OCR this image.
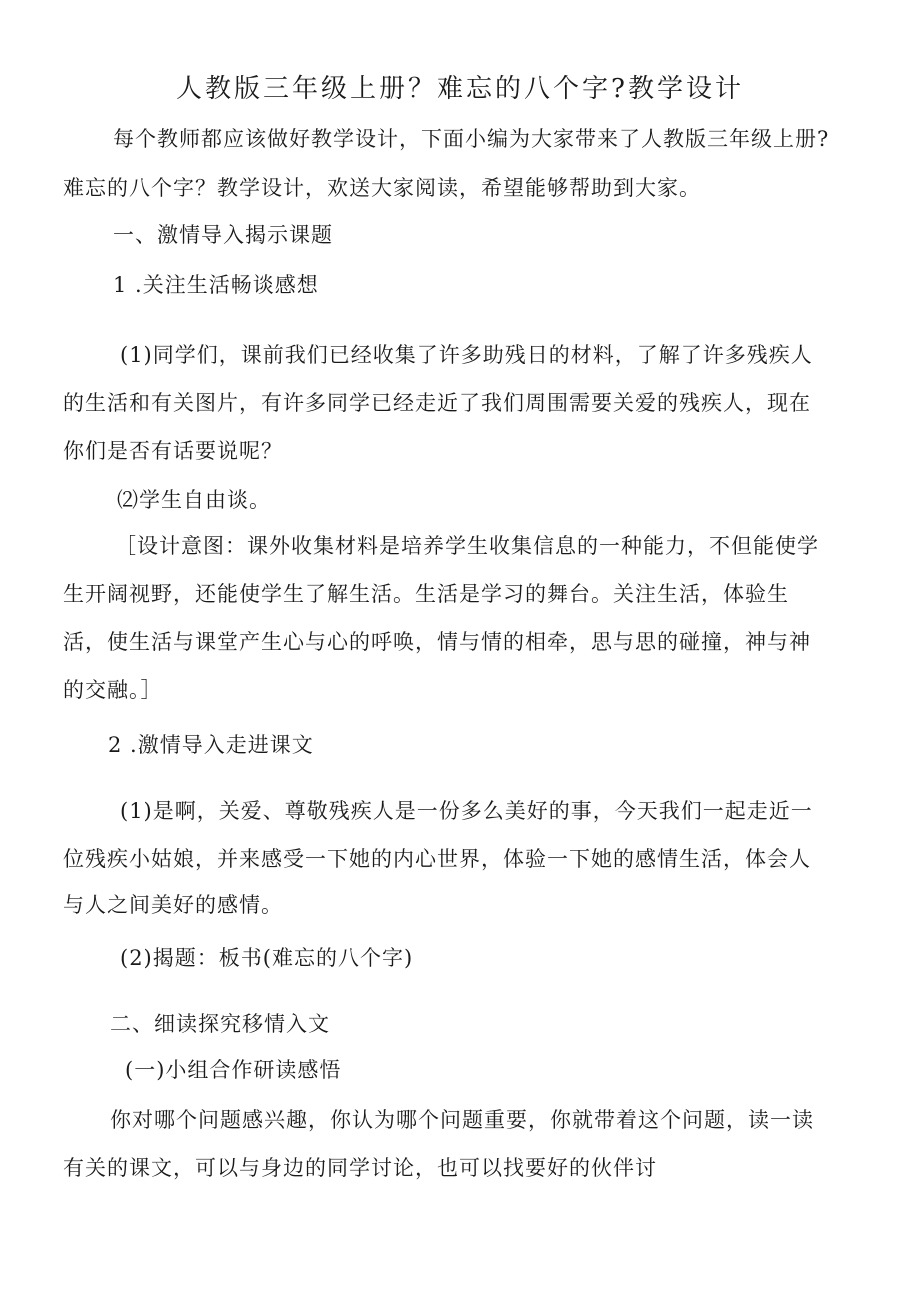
人教版三年级上册？难忘的八个字?教学设计
每个教师都应该做好教学设计，下面小编为大家带来了人教版三年级上册?
难忘的八个字？教学设计，欢送大家阅读，希望能够帮助到大家。
一、激情导入揭示课题
1 .关注生活畅谈感想
(1)同学们，课前我们已经收集了许多助残日的材料，了解了许多残疾人
的生活和有关图片，有许多同学已经走近了我们周围需要关爱的残疾人，现在
你们是否有话要说呢？
⑵学生自由谈。
［设计意图：课外收集材料是培养学生收集信息的一种能力，不但能使学
生开阔视野，还能使学生了解生活。生活是学习的舞台。关注生活，体验生
活，使生活与课堂产生心与心的呼唤，情与情的相牵，思与思的碰撞，神与神
的交融。］
2 .激情导入走进课文
(1)是啊，关爱、尊敬残疾人是一份多么美好的事，今天我们一起走近一
位残疾小姑娘，并来感受一下她的内心世界，体验一下她的感情生活，体会人
与人之间美好的感情。
(2)揭题：板书(难忘的八个字)
二、细读探究移情入文
(一)小组合作研读感悟
你对哪个问题感兴趣，你认为哪个问题重要，你就带着这个问题，读一读
有关的课文，可以与身边的同学讨论，也可以找要好的伙伴讨
